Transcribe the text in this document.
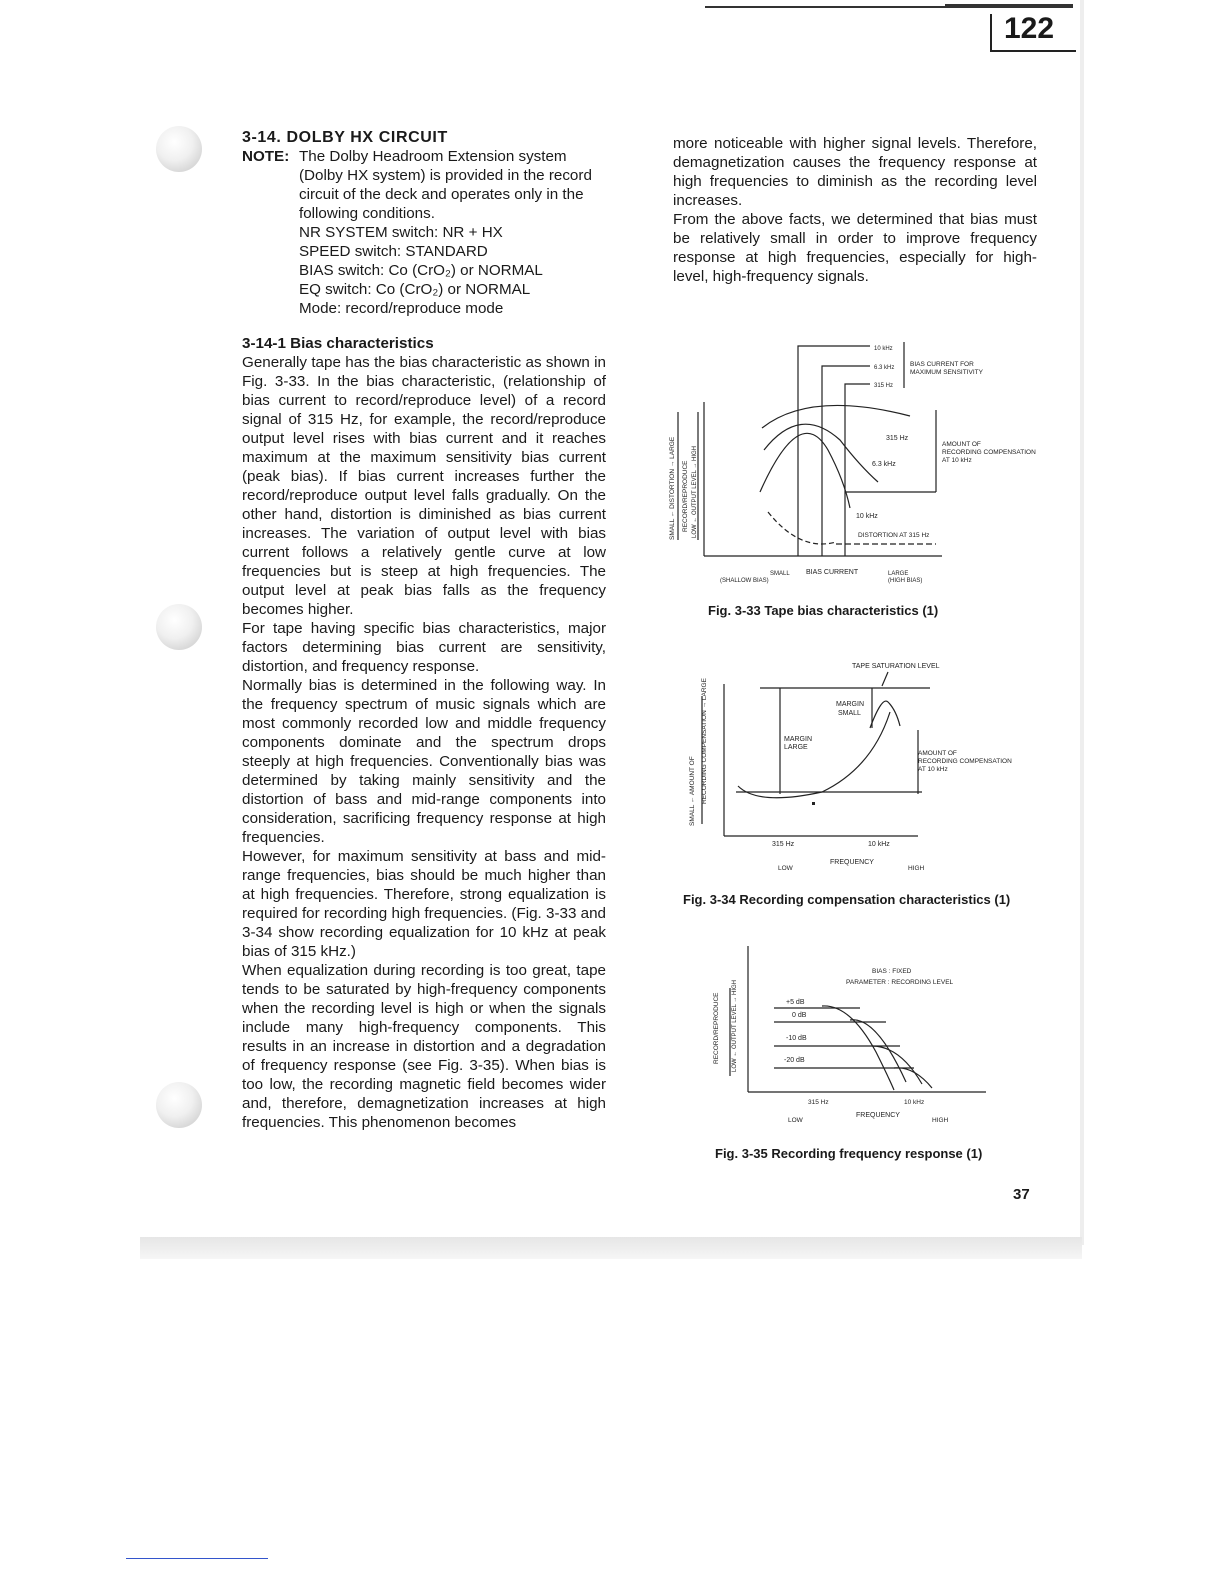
122
3-14. DOLBY HX CIRCUIT
NOTE: The Dolby Headroom Extension system (Dolby HX system) is provided in the record circuit of the deck and operates only in the following conditions.
NR SYSTEM switch: NR + HX
SPEED switch: STANDARD
BIAS switch: Co (CrO₂) or NORMAL
EQ switch: Co (CrO₂) or NORMAL
Mode: record/reproduce mode
3-14-1 Bias characteristics

Generally tape has the bias characteristic as shown in Fig. 3-33. In the bias characteristic, (relationship of bias current to record/reproduce level) of a record signal of 315 Hz, for example, the record/reproduce output level rises with bias current and it reaches maximum at the maximum sensitivity bias current (peak bias). If bias current increases further the record/reproduce output level falls gradually. On the other hand, distortion is diminished as bias current increases. The variation of output level with bias current follows a relatively gentle curve at low frequencies but is steep at high frequencies. The output level at peak bias falls as the frequency becomes higher.

For tape having specific bias characteristics, major factors determining bias current are sensitivity, distortion, and frequency response.

Normally bias is determined in the following way. In the frequency spectrum of music signals which are most commonly recorded low and middle frequency components dominate and the spectrum drops steeply at high frequencies. Conventionally bias was determined by taking mainly sensitivity and the distortion of bass and mid-range components into consideration, sacrificing frequency response at high frequencies.

However, for maximum sensitivity at bass and mid-range frequencies, bias should be much higher than at high frequencies. Therefore, strong equalization is required for recording high frequencies. (Fig. 3-33 and 3-34 show recording equalization for 10 kHz at peak bias of 315 kHz.)

When equalization during recording is too great, tape tends to be saturated by high-frequency components when the recording level is high or when the signals include many high-frequency components. This results in an increase in distortion and a degradation of frequency response (see Fig. 3-35). When bias is too low, the recording magnetic field becomes wider and, therefore, demagnetization increases at high frequencies. This phenomenon becomes

more noticeable with higher signal levels. Therefore, demagnetization causes the frequency response at high frequencies to diminish as the recording level increases.

From the above facts, we determined that bias must be relatively small in order to improve frequency response at high frequencies, especially for high-level, high-frequency signals.

10 kHz
6.3 kHz
315 Hz
BIAS CURRENT FOR
MAXIMUM SENSITIVITY
315 Hz
6.3 kHz
10 kHz
AMOUNT OF
RECORDING COMPENSATION
AT 10 kHz
DISTORTION AT 315 Hz
SMALL ← DISTORTION → LARGE RECORD/REPRODUCE LOW ← OUTPUT LEVEL → HIGH
SMALL
(SHALLOW BIAS)
BIAS CURRENT	LARGE
(HIGH BIAS)
Fig. 3-33 Tape bias characteristics (1)
TAPE SATURATION LEVEL
MARGIN
SMALL
MARGIN
LARGE
AMOUNT OF
RECORDING COMPENSATION
AT 10 kHz
SMALL ← AMOUNT OF RECORDING COMPENSATION → LARGE
315 Hz	10 kHz
LOW
FREQUENCY
HIGH
Fig. 3-34 Recording compensation characteristics (1)
BIAS : FIXED
PARAMETER : RECORDING LEVEL
+5 dB
0 dB
-10 dB
-20 dB
RECORD/REPRODUCE LOW ← OUTPUT LEVEL → HIGH
315 Hz	10 kHz
LOW
FREQUENCY
HIGH
Fig. 3-35 Recording frequency response (1)
37
